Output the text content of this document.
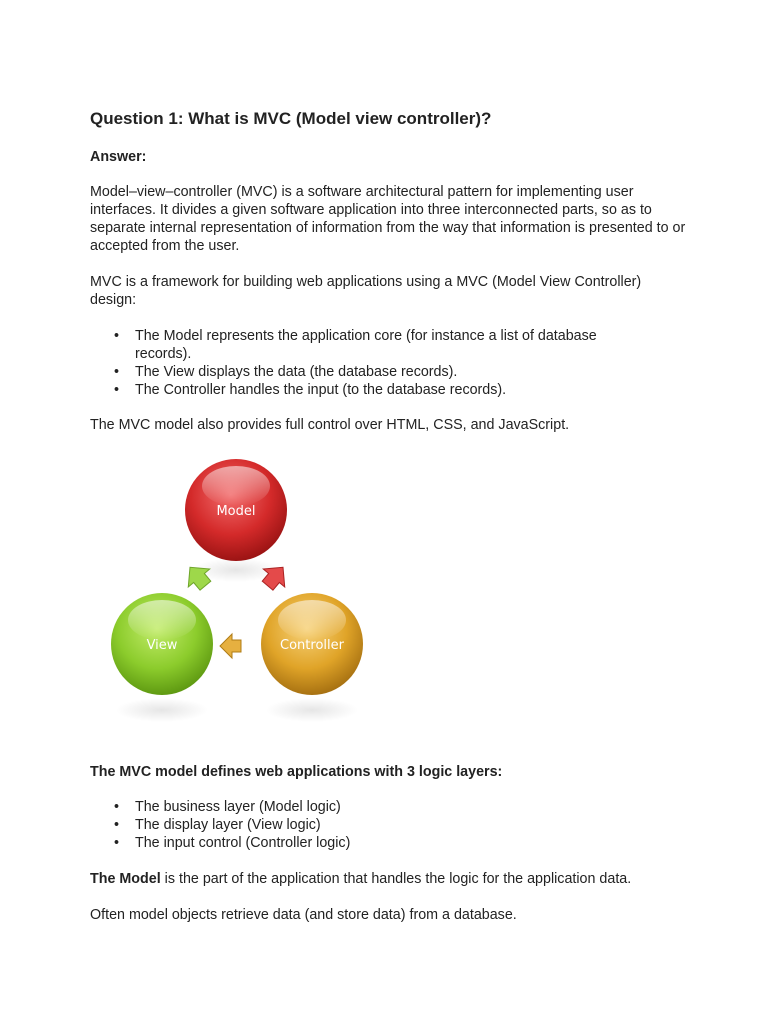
Question 1: What is MVC (Model view controller)?

Answer:

Model–view–controller (MVC) is a software architectural pattern for implementing user interfaces. It divides a given software application into three interconnected parts, so as to separate internal representation of information from the way that information is presented to or accepted from the user.

MVC is a framework for building web applications using a MVC (Model View Controller) design:

• The Model represents the application core (for instance a list of database records).
• The View displays the data (the database records).
• The Controller handles the input (to the database records).

The MVC model also provides full control over HTML, CSS, and JavaScript.

Model
View	Controller

The MVC model defines web applications with 3 logic layers:

• The business layer (Model logic)
• The display layer (View logic)
• The input control (Controller logic)

The Model is the part of the application that handles the logic for the application data.

Often model objects retrieve data (and store data) from a database.
